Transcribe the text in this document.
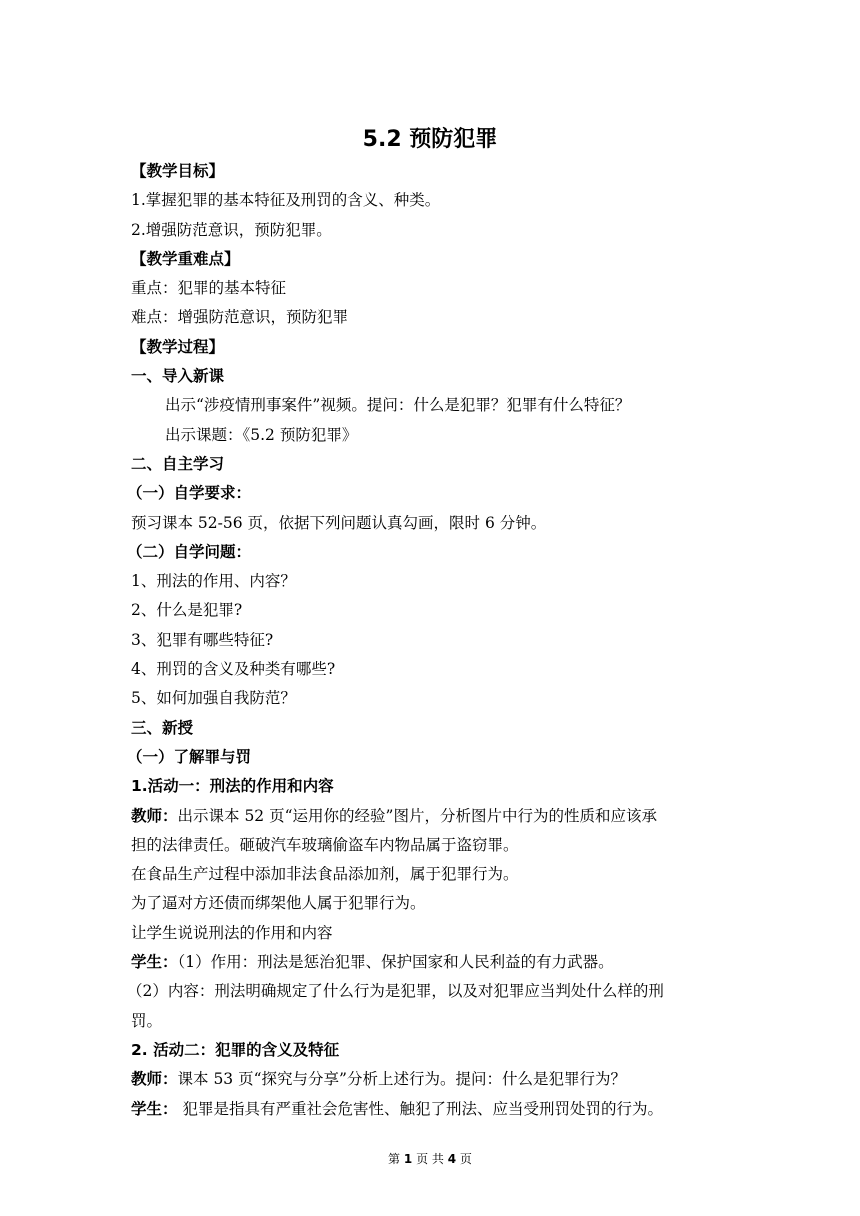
5.2 预防犯罪
【教学目标】
1.掌握犯罪的基本特征及刑罚的含义、种类。
2.增强防范意识，预防犯罪。
【教学重难点】
重点：犯罪的基本特征
难点：增强防范意识，预防犯罪
【教学过程】
一、导入新课
出示“涉疫情刑事案件”视频。提问：什么是犯罪？犯罪有什么特征？
出示课题：《5.2 预防犯罪》
二、自主学习
（一）自学要求：
预习课本 52-56 页，依据下列问题认真勾画，限时 6 分钟。
（二）自学问题：
1、刑法的作用、内容？
2、什么是犯罪?
3、犯罪有哪些特征?
4、刑罚的含义及种类有哪些?
5、如何加强自我防范？
三、新授
（一）了解罪与罚
1.活动一：刑法的作用和内容
教师：出示课本 52 页“运用你的经验”图片，分析图片中行为的性质和应该承
担的法律责任。砸破汽车玻璃偷盗车内物品属于盗窃罪。
在食品生产过程中添加非法食品添加剂，属于犯罪行为。
为了逼对方还债而绑架他人属于犯罪行为。
让学生说说刑法的作用和内容
学生：（1）作用：刑法是惩治犯罪、保护国家和人民利益的有力武器。
（2）内容：刑法明确规定了什么行为是犯罪，以及对犯罪应当判处什么样的刑
罚。
2. 活动二：犯罪的含义及特征
教师：课本 53 页“探究与分享”分析上述行为。提问：什么是犯罪行为？
学生： 犯罪是指具有严重社会危害性、触犯了刑法、应当受刑罚处罚的行为。
第 1 页 共 4 页
